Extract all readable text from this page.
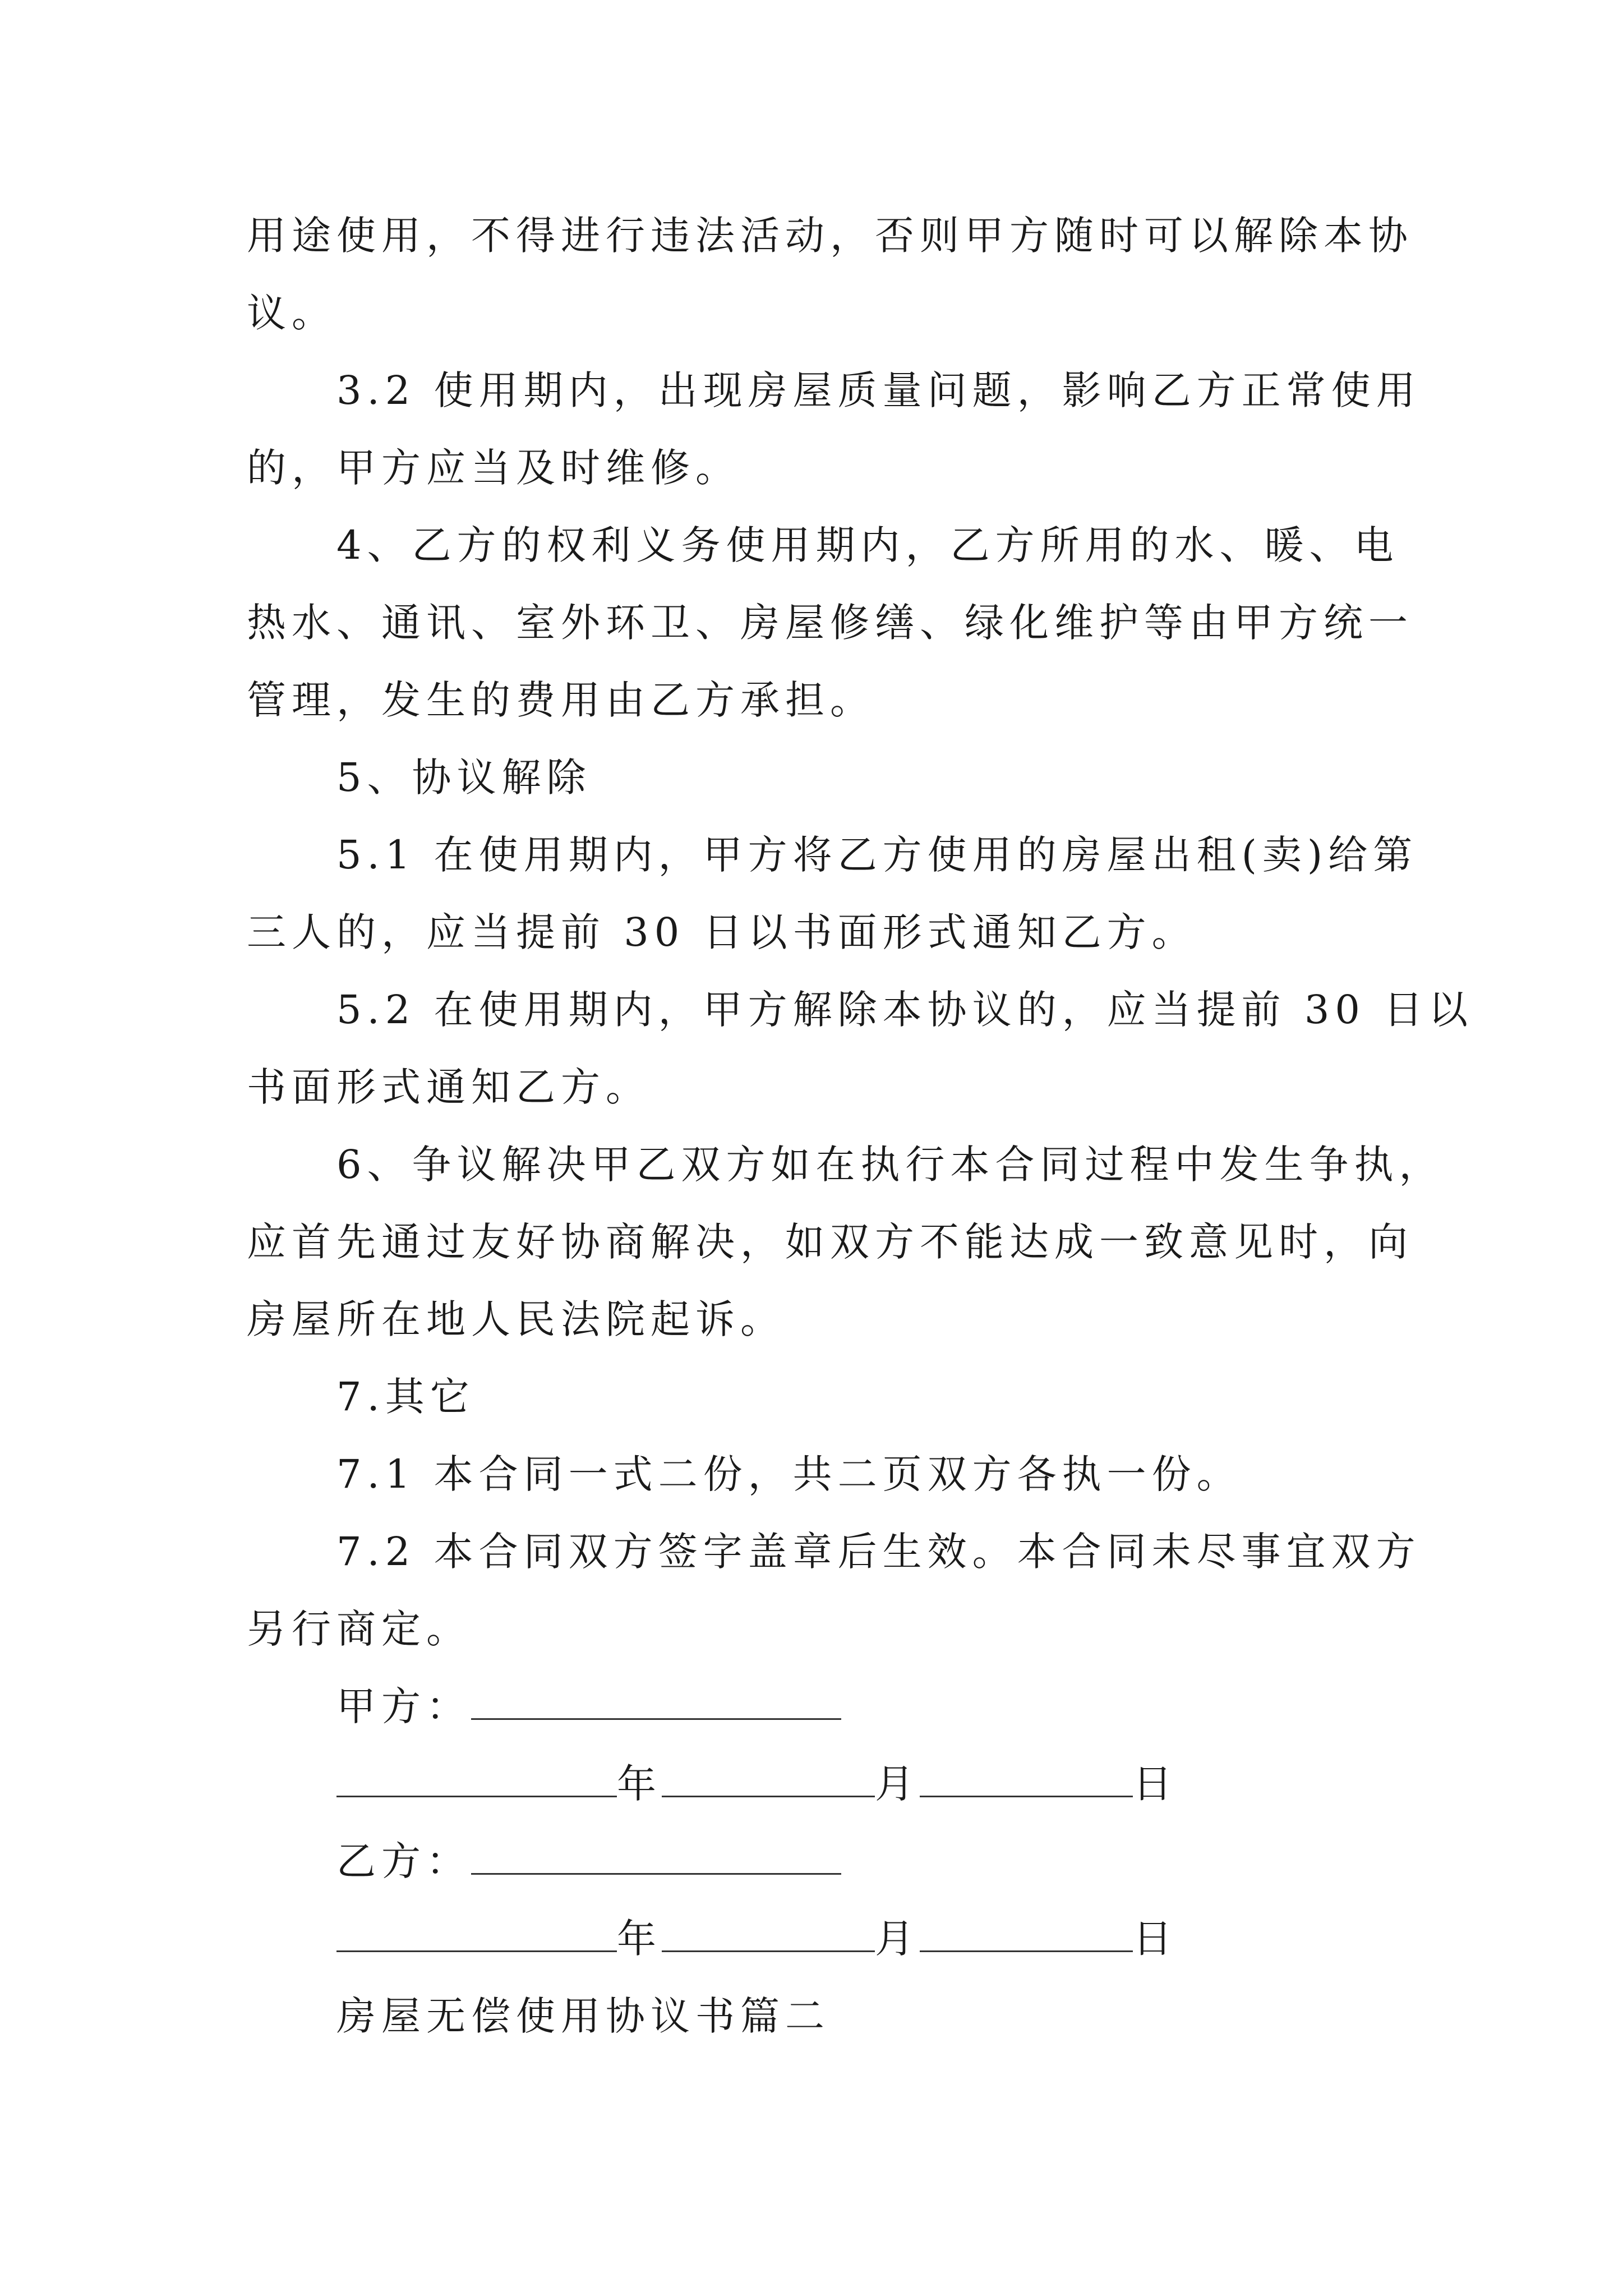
用途使用，不得进行违法活动，否则甲方随时可以解除本协
议。
3.2 使用期内，出现房屋质量问题，影响乙方正常使用
的，甲方应当及时维修。
4、乙方的权利义务使用期内，乙方所用的水、暖、电
热水、通讯、室外环卫、房屋修缮、绿化维护等由甲方统一
管理，发生的费用由乙方承担。
5、协议解除
5.1 在使用期内，甲方将乙方使用的房屋出租(卖)给第
三人的，应当提前 30 日以书面形式通知乙方。
5.2 在使用期内，甲方解除本协议的，应当提前 30 日以
书面形式通知乙方。
6、争议解决甲乙双方如在执行本合同过程中发生争执，
应首先通过友好协商解决，如双方不能达成一致意见时，向
房屋所在地人民法院起诉。
7.其它
7.1 本合同一式二份，共二页双方各执一份。
7.2 本合同双方签字盖章后生效。本合同未尽事宜双方
另行商定。
甲方：
年	月	日
乙方：
年	月	日
房屋无偿使用协议书篇二
